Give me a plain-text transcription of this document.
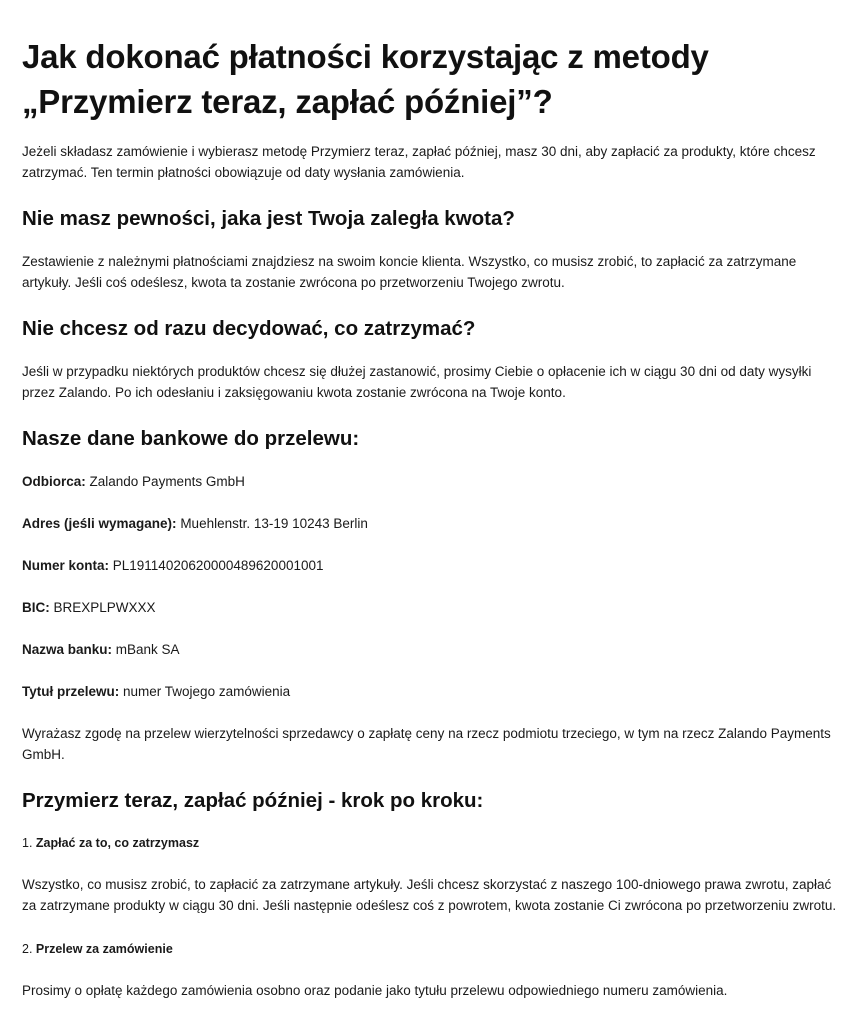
Jak dokonać płatności korzystając z metody „Przymierz teraz, zapłać później”?

Jeżeli składasz zamówienie i wybierasz metodę Przymierz teraz, zapłać później, masz 30 dni, aby zapłacić za produkty, które chcesz zatrzymać. Ten termin płatności obowiązuje od daty wysłania zamówienia.

Nie masz pewności, jaka jest Twoja zaległa kwota?

Zestawienie z należnymi płatnościami znajdziesz na swoim koncie klienta. Wszystko, co musisz zrobić, to zapłacić za zatrzymane artykuły. Jeśli coś odeślesz, kwota ta zostanie zwrócona po przetworzeniu Twojego zwrotu.

Nie chcesz od razu decydować, co zatrzymać?

Jeśli w przypadku niektórych produktów chcesz się dłużej zastanowić, prosimy Ciebie o opłacenie ich w ciągu 30 dni od daty wysyłki przez Zalando. Po ich odesłaniu i zaksięgowaniu kwota zostanie zwrócona na Twoje konto.

Nasze dane bankowe do przelewu:
Odbiorca: Zalando Payments GmbH
Adres (jeśli wymagane): Muehlenstr. 13-19 10243 Berlin
Numer konta: PL19114020620000489620001001
BIC: BREXPLPWXXX
Nazwa banku: mBank SA
Tytuł przelewu: numer Twojego zamówienia

Wyrażasz zgodę na przelew wierzytelności sprzedawcy o zapłatę ceny na rzecz podmiotu trzeciego, w tym na rzecz Zalando Payments GmbH.

Przymierz teraz, zapłać później - krok po kroku:
1. Zapłać za to, co zatrzymasz

Wszystko, co musisz zrobić, to zapłacić za zatrzymane artykuły. Jeśli chcesz skorzystać z naszego 100-dniowego prawa zwrotu, zapłać za zatrzymane produkty w ciągu 30 dni. Jeśli następnie odeślesz coś z powrotem, kwota zostanie Ci zwrócona po przetworzeniu zwrotu.

2. Przelew za zamówienie

Prosimy o opłatę każdego zamówienia osobno oraz podanie jako tytułu przelewu odpowiedniego numeru zamówienia.
